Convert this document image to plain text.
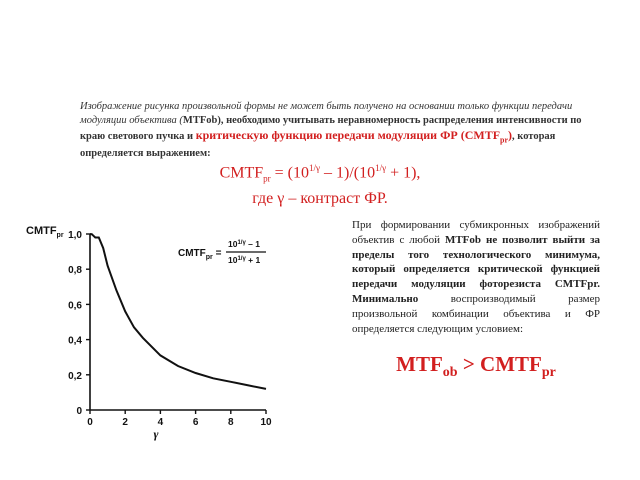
Изображение рисунка произвольной формы не может быть получено на основании только функции передачи модуляции объектива (MTFob), необходимо учитывать неравномерность распределения интенсивности по краю светового пучка и критическую функцию передачи модуляции ФР $(CMTF_{pr})$, которая определяется выражением:
$CMTF_{pr} = (10^{1/\gamma} - 1)/(10^{1/\gamma} + 1)$,
где γ – контраст ФР.
$CMTF_{pr}$
γ
0	2	4	6	8	10
0
0,2
0,4
0,6
0,8
1,0
$CMTF_{pr}$ =
$10^{1/\gamma} - 1$
$10^{1/\gamma} + 1$
При формировании субмикронных изображений объектив с любой MTFob не позволит выйти за пределы того технологического минимума, который определяется критической функцией передачи модуляции фоторезиста CMTFpr. Минимально воспроизводимый размер произвольной комбинации объектива и ФР определяется следующим условием:
$MTF_{ob}$ > $CMTF_{pr}$
